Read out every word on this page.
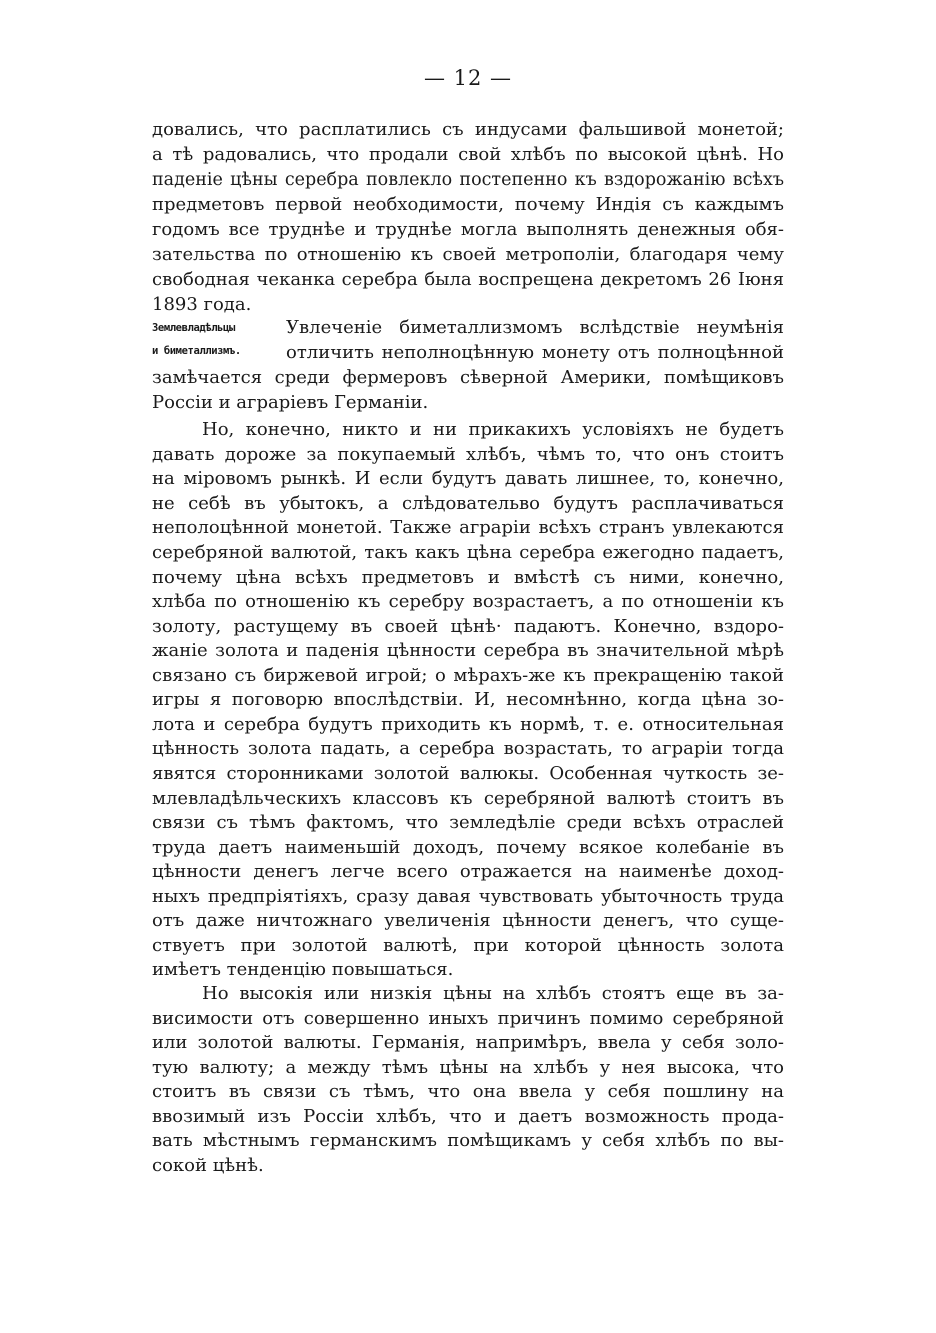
— 12 —
Землевладѣльцы
и биметаллизмъ.
довались, что расплатились съ индусами фальшивой монетой;
а тѣ радовались, что продали свой хлѣбъ по высокой цѣнѣ. Но
паденіе цѣны серебра повлекло постепенно къ вздорожанію всѣхъ
предметовъ первой необходимости, почему Индія съ каждымъ
годомъ все труднѣе и труднѣе могла выполнять денежныя обя-
зательства по отношенію къ своей метрополіи, благодаря чему
свободная чеканка серебра была воспрещена декретомъ 26 Іюня
1893 года.
Увлеченіе биметаллизмомъ вслѣдствіе неумѣнія
отличить неполноцѣнную монету отъ полноцѣнной
замѣчается среди фермеровъ сѣверной Америки, помѣщиковъ
Россіи и аграріевъ Германіи.
Но, конечно, никто и ни прикакихъ условіяхъ не будетъ
давать дороже за покупаемый хлѣбъ, чѣмъ то, что онъ стоитъ
на міровомъ рынкѣ. И если будутъ давать лишнее, то, конечно,
не себѣ въ убытокъ, а слѣдовательво будутъ расплачиваться
неполоцѣнной монетой. Также аграріи всѣхъ странъ увлекаются
серебряной валютой, такъ какъ цѣна серебра ежегодно падаетъ,
почему цѣна всѣхъ предметовъ и вмѣстѣ съ ними, конечно,
хлѣба по отношенію къ серебру возрастаетъ, а по отношеніи къ
золоту, растущему въ своей цѣнѣ· падаютъ. Конечно, вздоро-
жаніе золота и паденія цѣнности серебра въ значительной мѣрѣ
связано съ биржевой игрой; о мѣрахъ-же къ прекращенію такой
игры я поговорю впослѣдствіи. И, несомнѣнно, когда цѣна зо-
лота и серебра будутъ приходить къ нормѣ, т. е. относительная
цѣнность золота падать, а серебра возрастать, то аграріи тогда
явятся сторонниками золотой валюкы. Особенная чуткость зе-
млевладѣльческихъ классовъ къ серебряной валютѣ стоитъ въ
связи съ тѣмъ фактомъ, что земледѣліе среди всѣхъ отраслей
труда даетъ наименьшій доходъ, почему всякое колебаніе въ
цѣнности денегъ легче всего отражается на наименѣе доход-
ныхъ предпріятіяхъ, сразу давая чувствовать убыточность труда
отъ даже ничтожнаго увеличенія цѣнности денегъ, что суще-
ствуетъ при золотой валютѣ, при которой цѣнность золота
имѣетъ тенденцію повышаться.
Но высокія или низкія цѣны на хлѣбъ стоятъ еще въ за-
висимости отъ совершенно иныхъ причинъ помимо серебряной
или золотой валюты. Германія, напримѣръ, ввела у себя золо-
тую валюту; а между тѣмъ цѣны на хлѣбъ у нея высока, что
стоитъ въ связи съ тѣмъ, что она ввела у себя пошлину на
ввозимый изъ Россіи хлѣбъ, что и даетъ возможность прода-
вать мѣстнымъ германскимъ помѣщикамъ у себя хлѣбъ по вы-
сокой цѣнѣ.
